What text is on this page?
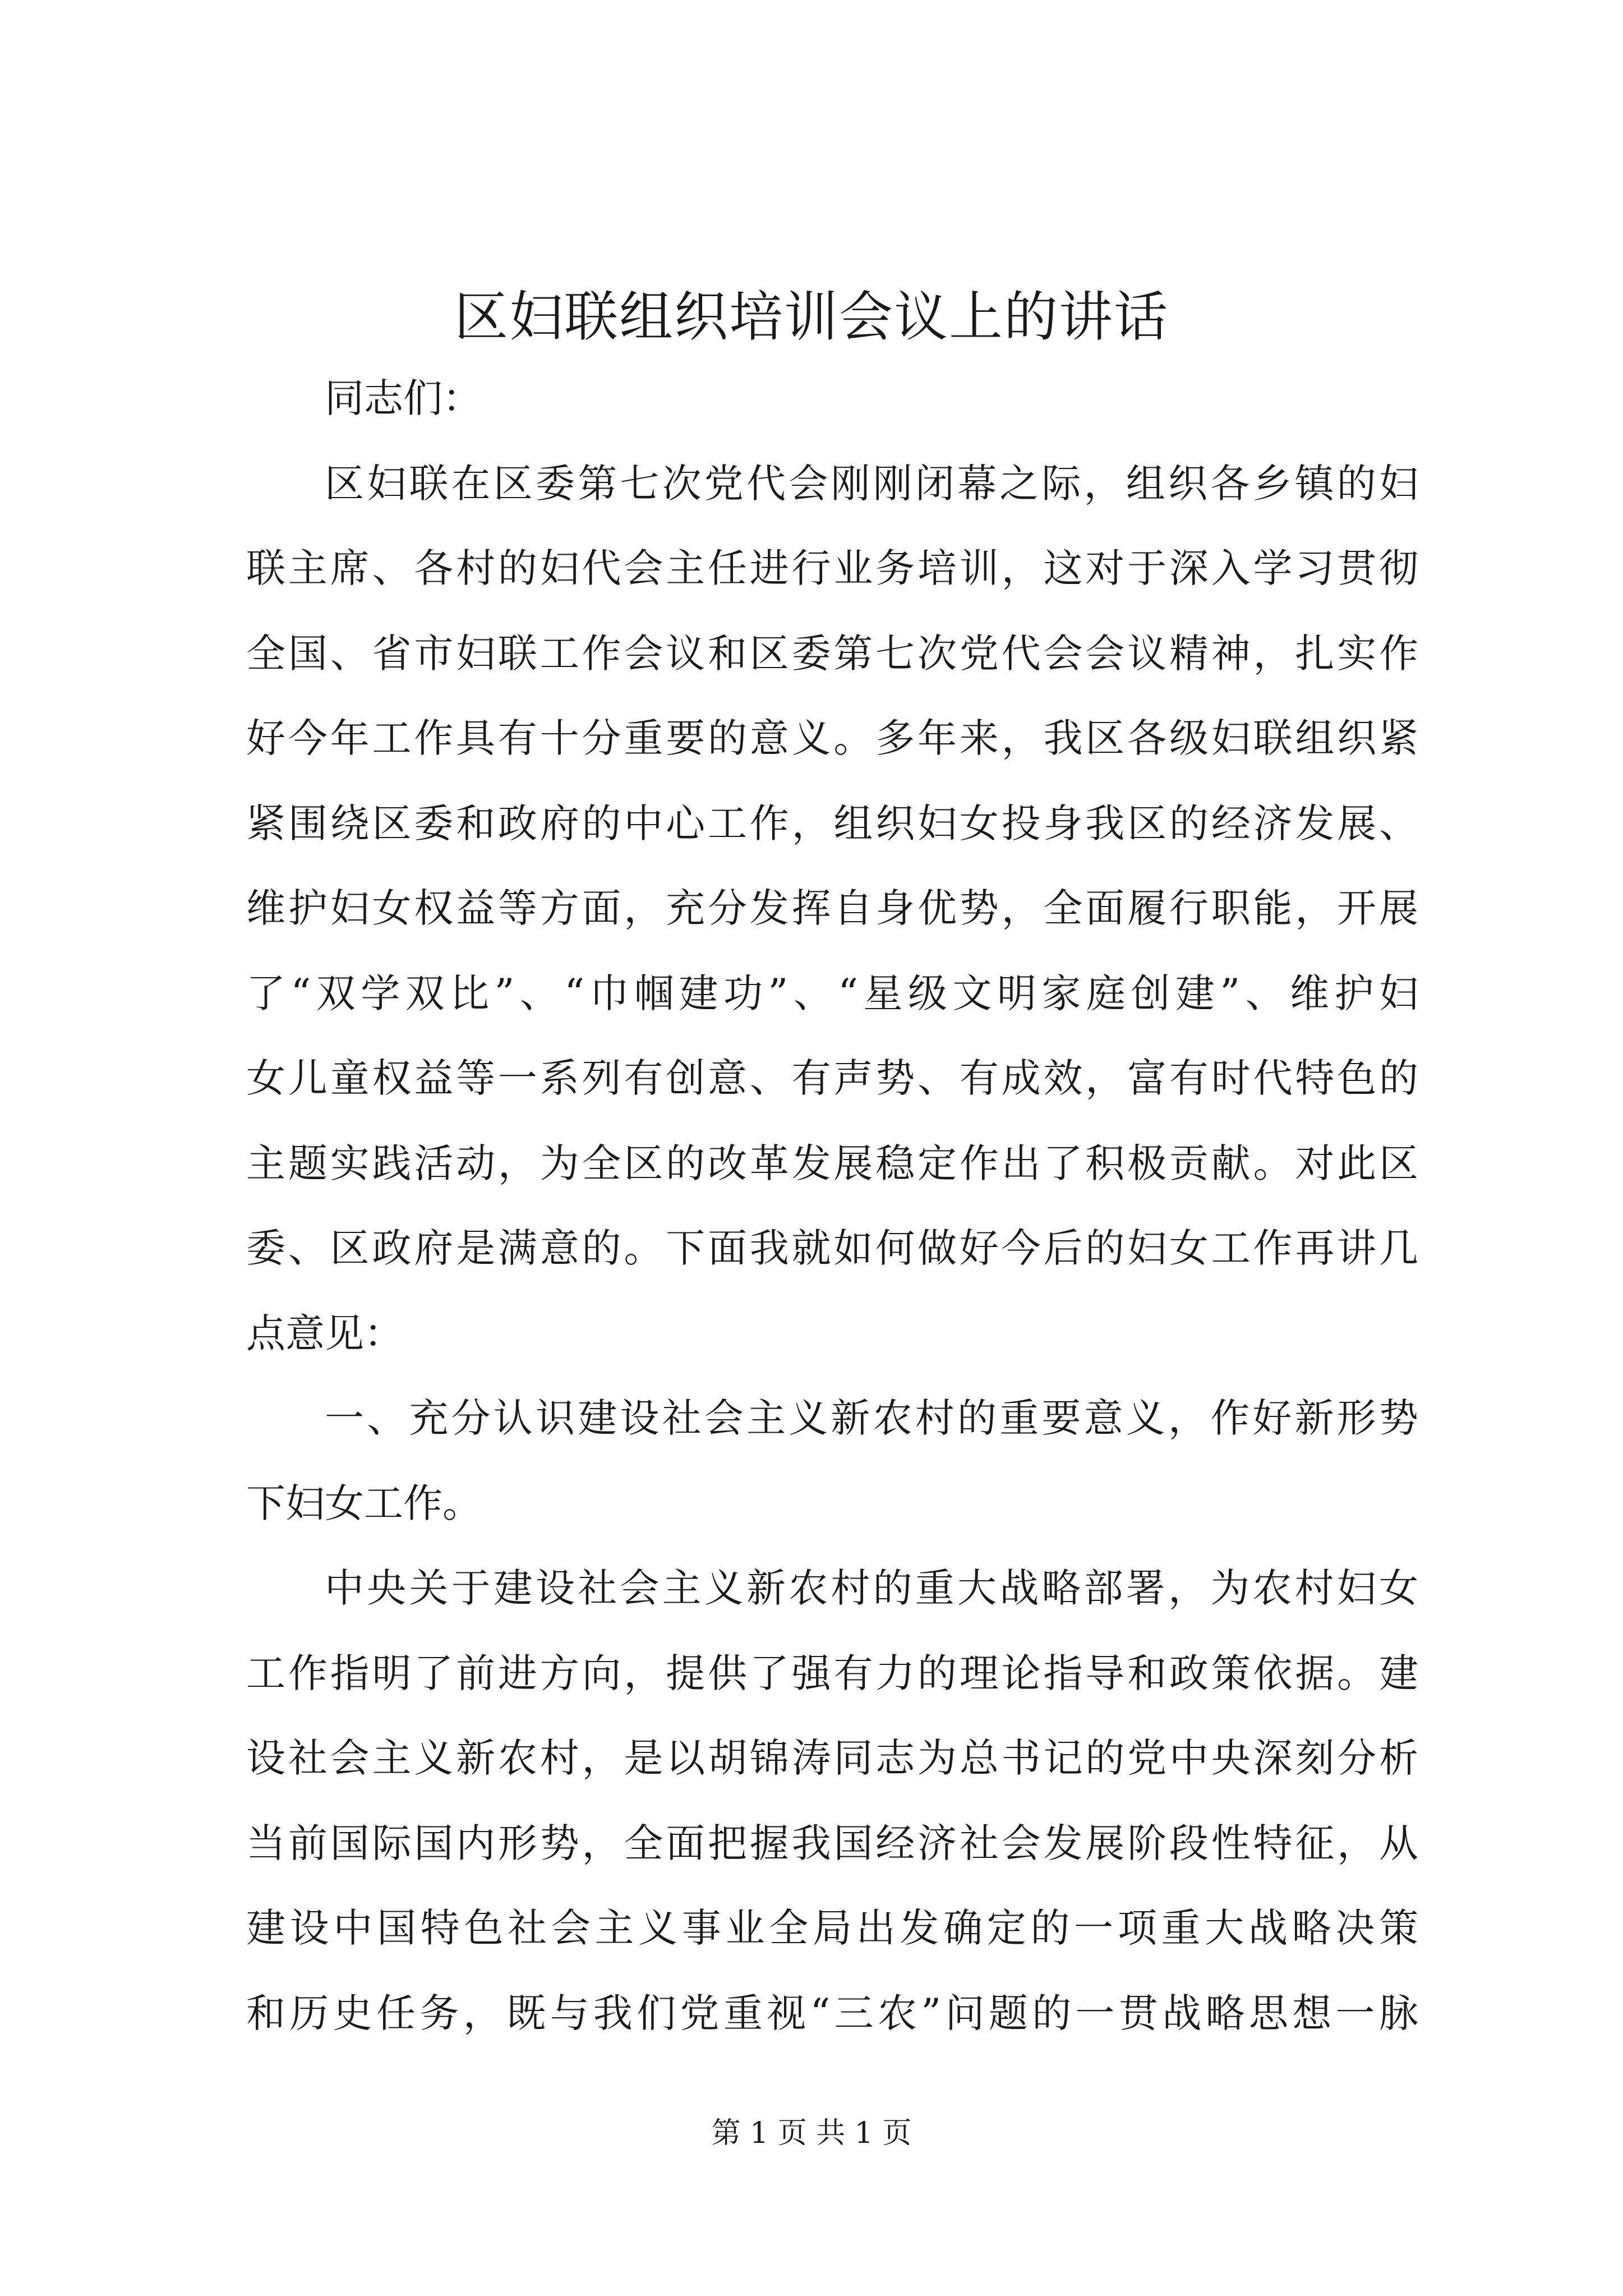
区妇联组织培训会议上的讲话
同志们：
区妇联在区委第七次党代会刚刚闭幕之际，组织各乡镇的妇
联主席、各村的妇代会主任进行业务培训，这对于深入学习贯彻
全国、省市妇联工作会议和区委第七次党代会会议精神，扎实作
好今年工作具有十分重要的意义。多年来，我区各级妇联组织紧
紧围绕区委和政府的中心工作，组织妇女投身我区的经济发展、
维护妇女权益等方面，充分发挥自身优势，全面履行职能，开展
了“双学双比”、“巾帼建功”、“星级文明家庭创建”、维护妇
女儿童权益等一系列有创意、有声势、有成效，富有时代特色的
主题实践活动，为全区的改革发展稳定作出了积极贡献。对此区
委、区政府是满意的。下面我就如何做好今后的妇女工作再讲几
点意见：
一、充分认识建设社会主义新农村的重要意义，作好新形势
下妇女工作。
中央关于建设社会主义新农村的重大战略部署，为农村妇女
工作指明了前进方向，提供了强有力的理论指导和政策依据。建
设社会主义新农村，是以胡锦涛同志为总书记的党中央深刻分析
当前国际国内形势，全面把握我国经济社会发展阶段性特征，从
建设中国特色社会主义事业全局出发确定的一项重大战略决策
和历史任务，既与我们党重视“三农”问题的一贯战略思想一脉
第 1 页 共 1 页
